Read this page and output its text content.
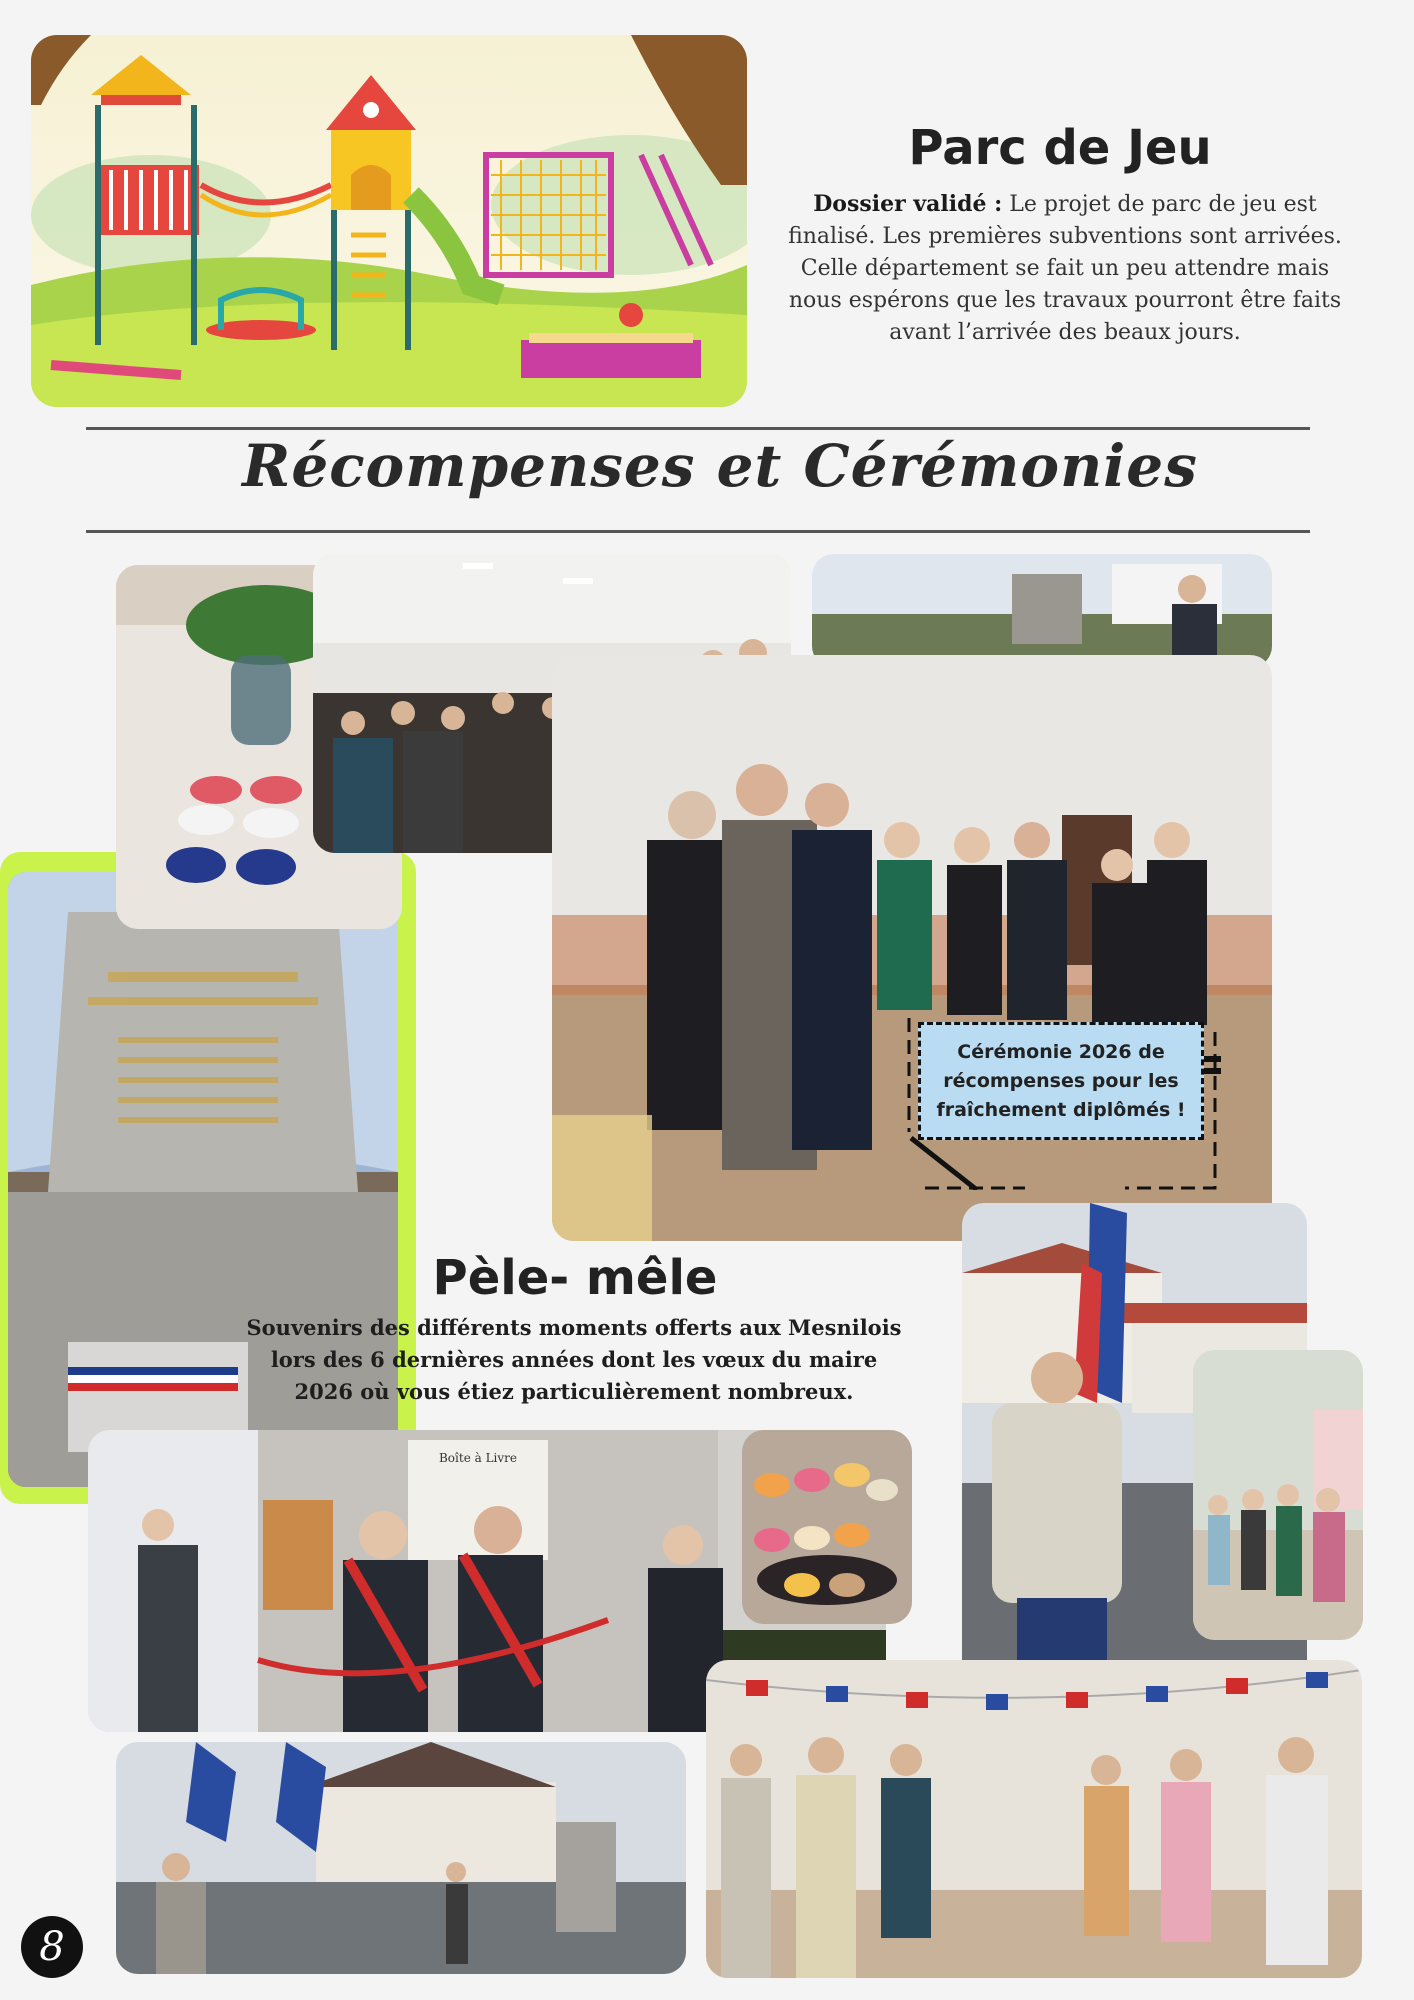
Parc de Jeu
Dossier validé : Le projet de parc de jeu est finalisé. Les premières subventions sont arrivées. Celle département se fait un peu attendre mais nous espérons que les travaux pourront être faits avant l’arrivée des beaux jours.
Récompenses et Cérémonies
Cérémonie 2026 de récompenses pour les fraîchement diplômés !
Pèle- mêle
Souvenirs des différents moments offerts aux Mesnilois lors des 6 dernières années dont les vœux du maire 2026 où vous étiez particulièrement nombreux.
Boîte à Livre
8
